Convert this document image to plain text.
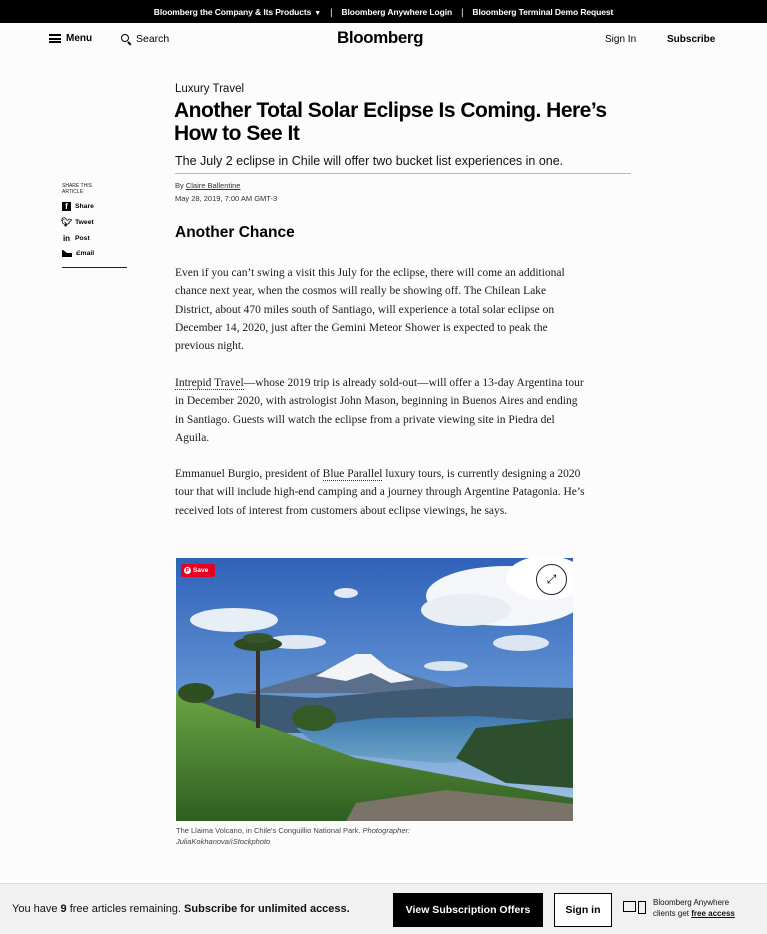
Bloomberg the Company & Its Products ▼ | Bloomberg Anywhere Login | Bloomberg Terminal Demo Request
Menu	Search	Bloomberg	Sign In	Subscribe
SHARE THIS ARTICLE
f	Share
🐦︎ Tweet
in Post
Email
Luxury Travel
Another Total Solar Eclipse Is Coming. Here’s How to See It
The July 2 eclipse in Chile will offer two bucket list experiences in one.
By Claire Ballentine
May 28, 2019, 7:00 AM GMT-3
Another Chance

Even if you can’t swing a visit this July for the eclipse, there will come an additional chance next year, when the cosmos will really be showing off. The Chilean Lake District, about 470 miles south of Santiago, will experience a total solar eclipse on December 14, 2020, just after the Gemini Meteor Shower is expected to peak the previous night.

Intrepid Travel—whose 2019 trip is already sold-out—will offer a 13-day Argentina tour in December 2020, with astrologist John Mason, beginning in Buenos Aires and ending in Santiago. Guests will watch the eclipse from a private viewing site in Piedra del Aguila.

Emmanuel Burgio, president of Blue Parallel luxury tours, is currently designing a 2020 tour that will include high-end camping and a journey through Argentine Patagonia. He’s received lots of interest from customers about eclipse viewings, he says.

P Save
⤢
The Llaima Volcano, in Chile's Conguillio National Park. Photographer: JuliaKokhanova/iStockphoto
You have 9 free articles remaining. Subscribe for unlimited access.	View Subscription Offers	Sign in
Bloomberg Anywhere
clients get free access
